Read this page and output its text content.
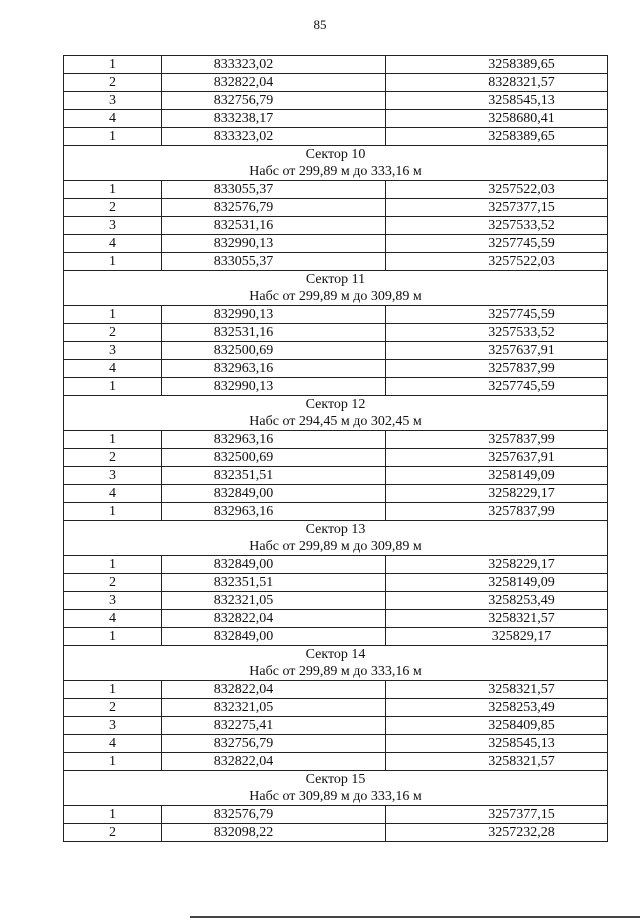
85
1	833323,02	3258389,65
2	832822,04	8328321,57
3	832756,79	3258545,13
4	833238,17	3258680,41
1	833323,02	3258389,65

Сектор 10
Набс от 299,89 м до 333,16 м		

1	833055,37	3257522,03
2	832576,79	3257377,15
3	832531,16	3257533,52
4	832990,13	3257745,59
1	833055,37	3257522,03

Сектор 11
Набс от 299,89 м до 309,89 м		

1	832990,13	3257745,59
2	832531,16	3257533,52
3	832500,69	3257637,91
4	832963,16	3257837,99
1	832990,13	3257745,59

Сектор 12
Набс от 294,45 м до 302,45 м		

1	832963,16	3257837,99
2	832500,69	3257637,91
3	832351,51	3258149,09
4	832849,00	3258229,17
1	832963,16	3257837,99

Сектор 13
Набс от 299,89 м до 309,89 м		

1	832849,00	3258229,17
2	832351,51	3258149,09
3	832321,05	3258253,49
4	832822,04	3258321,57
1	832849,00	325829,17

Сектор 14
Набс от 299,89 м до 333,16 м		

1	832822,04	3258321,57
2	832321,05	3258253,49
3	832275,41	3258409,85
4	832756,79	3258545,13
1	832822,04	3258321,57

Сектор 15
Набс от 309,89 м до 333,16 м		

1	832576,79	3257377,15
2	832098,22	3257232,28
